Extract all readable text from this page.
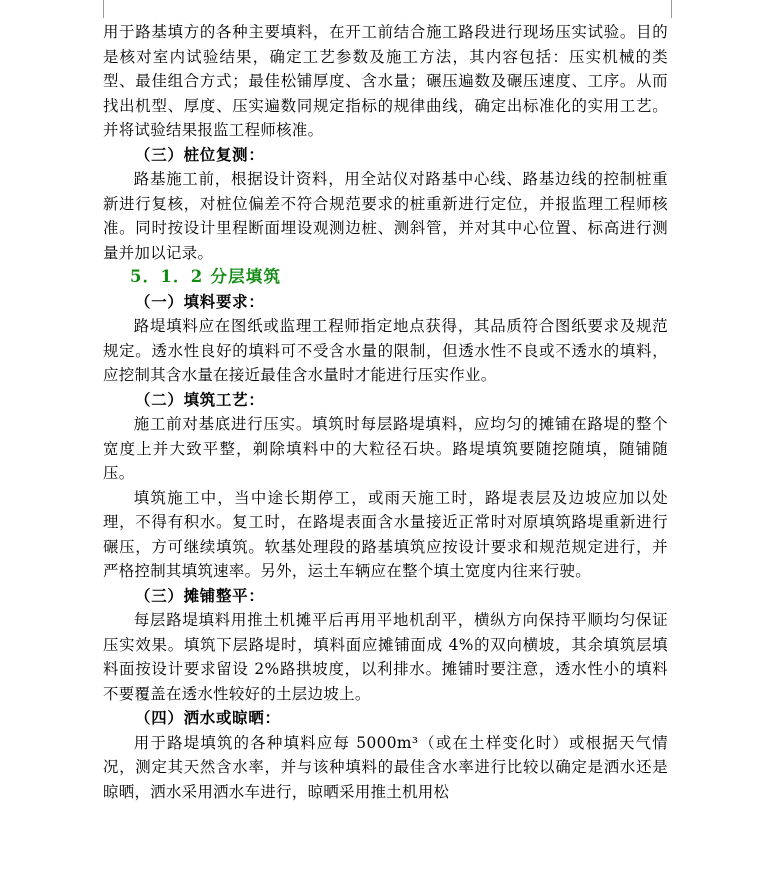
用于路基填方的各种主要填料，在开工前结合施工路段进行现场压实试验。目的是核对室内试验结果，确定工艺参数及施工方法，其内容包括：压实机械的类型、最佳组合方式；最佳松铺厚度、含水量；碾压遍数及碾压速度、工序。从而找出机型、厚度、压实遍数同规定指标的规律曲线，确定出标准化的实用工艺。并将试验结果报监工程师核准。

（三）桩位复测：

路基施工前，根据设计资料，用全站仪对路基中心线、路基边线的控制桩重新进行复核，对桩位偏差不符合规范要求的桩重新进行定位，并报监理工程师核准。同时按设计里程断面埋设观测边桩、测斜管，并对其中心位置、标高进行测量并加以记录。

5．1．2 分层填筑

（一）填料要求：

路堤填料应在图纸或监理工程师指定地点获得，其品质符合图纸要求及规范规定。透水性良好的填料可不受含水量的限制，但透水性不良或不透水的填料，应挖制其含水量在接近最佳含水量时才能进行压实作业。

（二）填筑工艺：

施工前对基底进行压实。填筑时每层路堤填料，应均匀的摊铺在路堤的整个宽度上并大致平整，剃除填料中的大粒径石块。路堤填筑要随挖随填，随铺随压。

填筑施工中，当中途长期停工，或雨天施工时，路堤表层及边坡应加以处理，不得有积水。复工时，在路堤表面含水量接近正常时对原填筑路堤重新进行碾压，方可继续填筑。软基处理段的路基填筑应按设计要求和规范规定进行，并严格控制其填筑速率。另外，运土车辆应在整个填土宽度内往来行驶。

（三）摊铺整平：

每层路堤填料用推土机摊平后再用平地机刮平，横纵方向保持平顺均匀保证压实效果。填筑下层路堤时，填料面应摊铺面成 4%的双向横坡，其余填筑层填料面按设计要求留设 2%路拱坡度，以利排水。摊铺时要注意，透水性小的填料不要覆盖在透水性较好的土层边坡上。

（四）洒水或晾晒：

用于路堤填筑的各种填料应每 5000m³（或在土样变化时）或根据天气情况，测定其天然含水率，并与该种填料的最佳含水率进行比较以确定是洒水还是晾晒，洒水采用洒水车进行，晾晒采用推土机用松
